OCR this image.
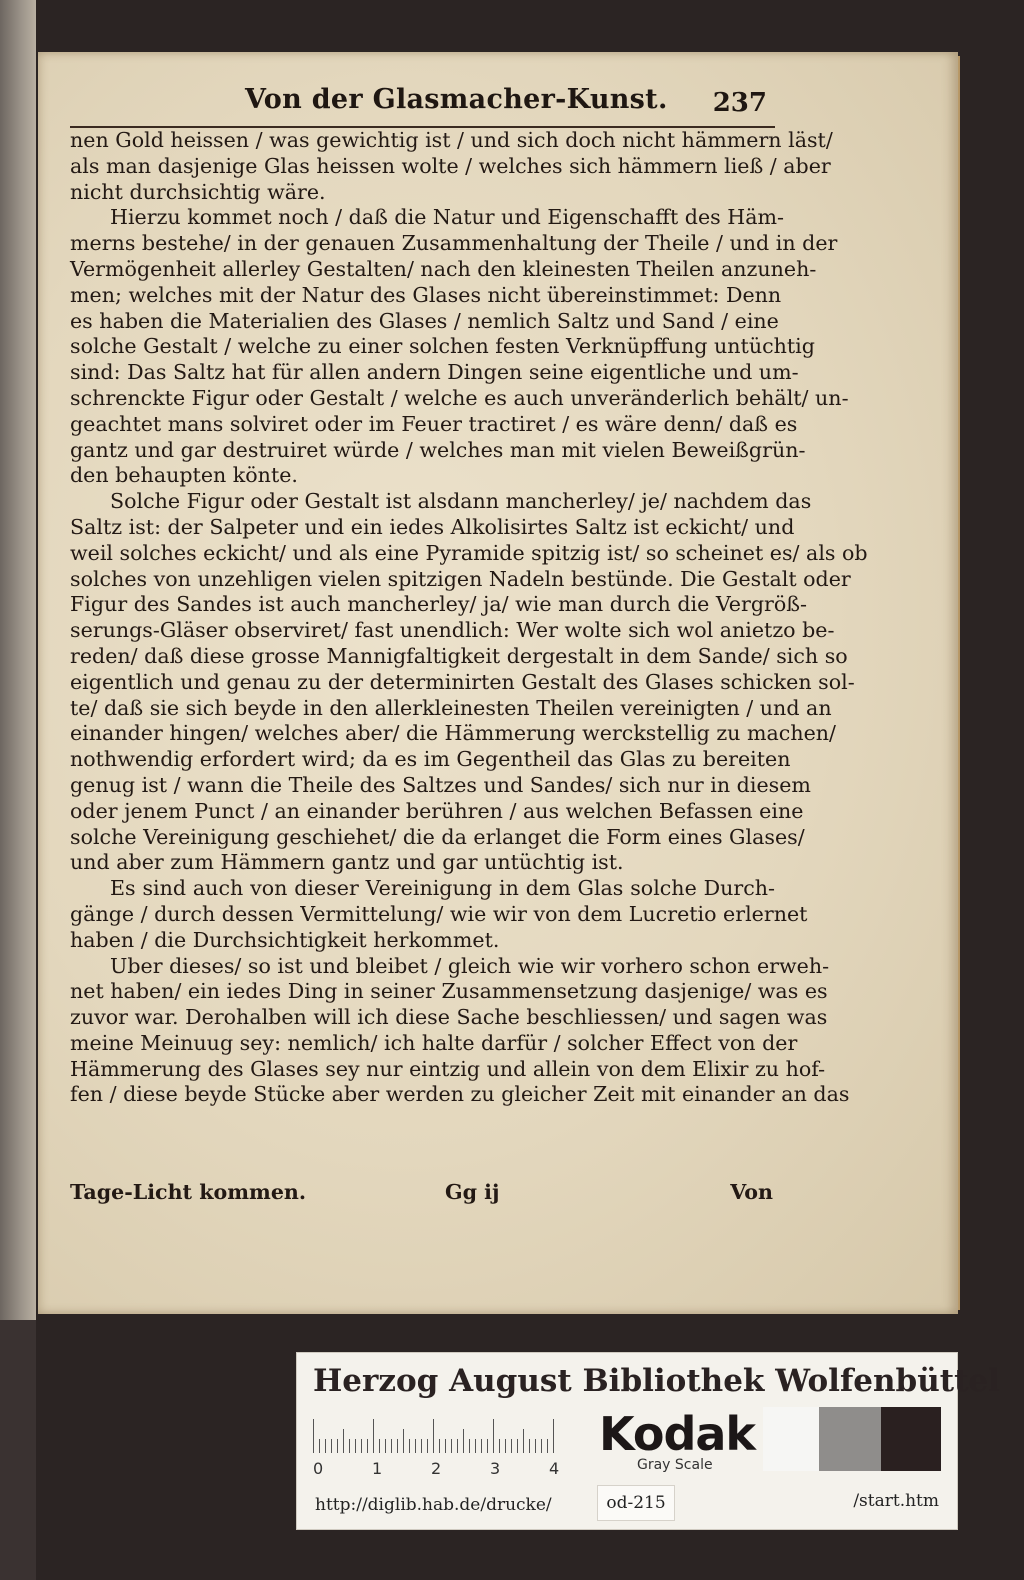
Von der Glasmacher-Kunst. 237
nen Gold heissen / was gewichtig ist / und sich doch nicht hämmern läst/
als man dasjenige Glas heissen wolte / welches sich hämmern ließ / aber
nicht durchsichtig wäre.
Hierzu kommet noch / daß die Natur und Eigenschafft des Häm-
merns bestehe/ in der genauen Zusammenhaltung der Theile / und in der
Vermögenheit allerley Gestalten/ nach den kleinesten Theilen anzuneh-
men; welches mit der Natur des Glases nicht übereinstimmet: Denn
es haben die Materialien des Glases / nemlich Saltz und Sand / eine
solche Gestalt / welche zu einer solchen festen Verknüpffung untüchtig
sind: Das Saltz hat für allen andern Dingen seine eigentliche und um-
schrenckte Figur oder Gestalt / welche es auch unveränderlich behält/ un-
geachtet mans solviret oder im Feuer tractiret / es wäre denn/ daß es
gantz und gar destruiret würde / welches man mit vielen Beweißgrün-
den behaupten könte.
Solche Figur oder Gestalt ist alsdann mancherley/ je/ nachdem das
Saltz ist: der Salpeter und ein iedes Alkolisirtes Saltz ist eckicht/ und
weil solches eckicht/ und als eine Pyramide spitzig ist/ so scheinet es/ als ob
solches von unzehligen vielen spitzigen Nadeln bestünde. Die Gestalt oder
Figur des Sandes ist auch mancherley/ ja/ wie man durch die Vergröß-
serungs-Gläser observiret/ fast unendlich: Wer wolte sich wol anietzo be-
reden/ daß diese grosse Mannigfaltigkeit dergestalt in dem Sande/ sich so
eigentlich und genau zu der determinirten Gestalt des Glases schicken sol-
te/ daß sie sich beyde in den allerkleinesten Theilen vereinigten / und an
einander hingen/ welches aber/ die Hämmerung werckstellig zu machen/
nothwendig erfordert wird; da es im Gegentheil das Glas zu bereiten
genug ist / wann die Theile des Saltzes und Sandes/ sich nur in diesem
oder jenem Punct / an einander berühren / aus welchen Befassen eine
solche Vereinigung geschiehet/ die da erlanget die Form eines Glases/
und aber zum Hämmern gantz und gar untüchtig ist.
Es sind auch von dieser Vereinigung in dem Glas solche Durch-
gänge / durch dessen Vermittelung/ wie wir von dem Lucretio erlernet
haben / die Durchsichtigkeit herkommet.
Uber dieses/ so ist und bleibet / gleich wie wir vorhero schon erweh-
net haben/ ein iedes Ding in seiner Zusammensetzung dasjenige/ was es
zuvor war. Derohalben will ich diese Sache beschliessen/ und sagen was
meine Meinuug sey: nemlich/ ich halte darfür / solcher Effect von der
Hämmerung des Glases sey nur eintzig und allein von dem Elixir zu hof-
fen / diese beyde Stücke aber werden zu gleicher Zeit mit einander an das
Tage-Licht kommen.	Gg ij	Von
Herzog August Bibliothek Wolfenbüttel
0	1	2	3	4
Kodak
Gray Scale
http://diglib.hab.de/drucke/	od-215	/start.htm
